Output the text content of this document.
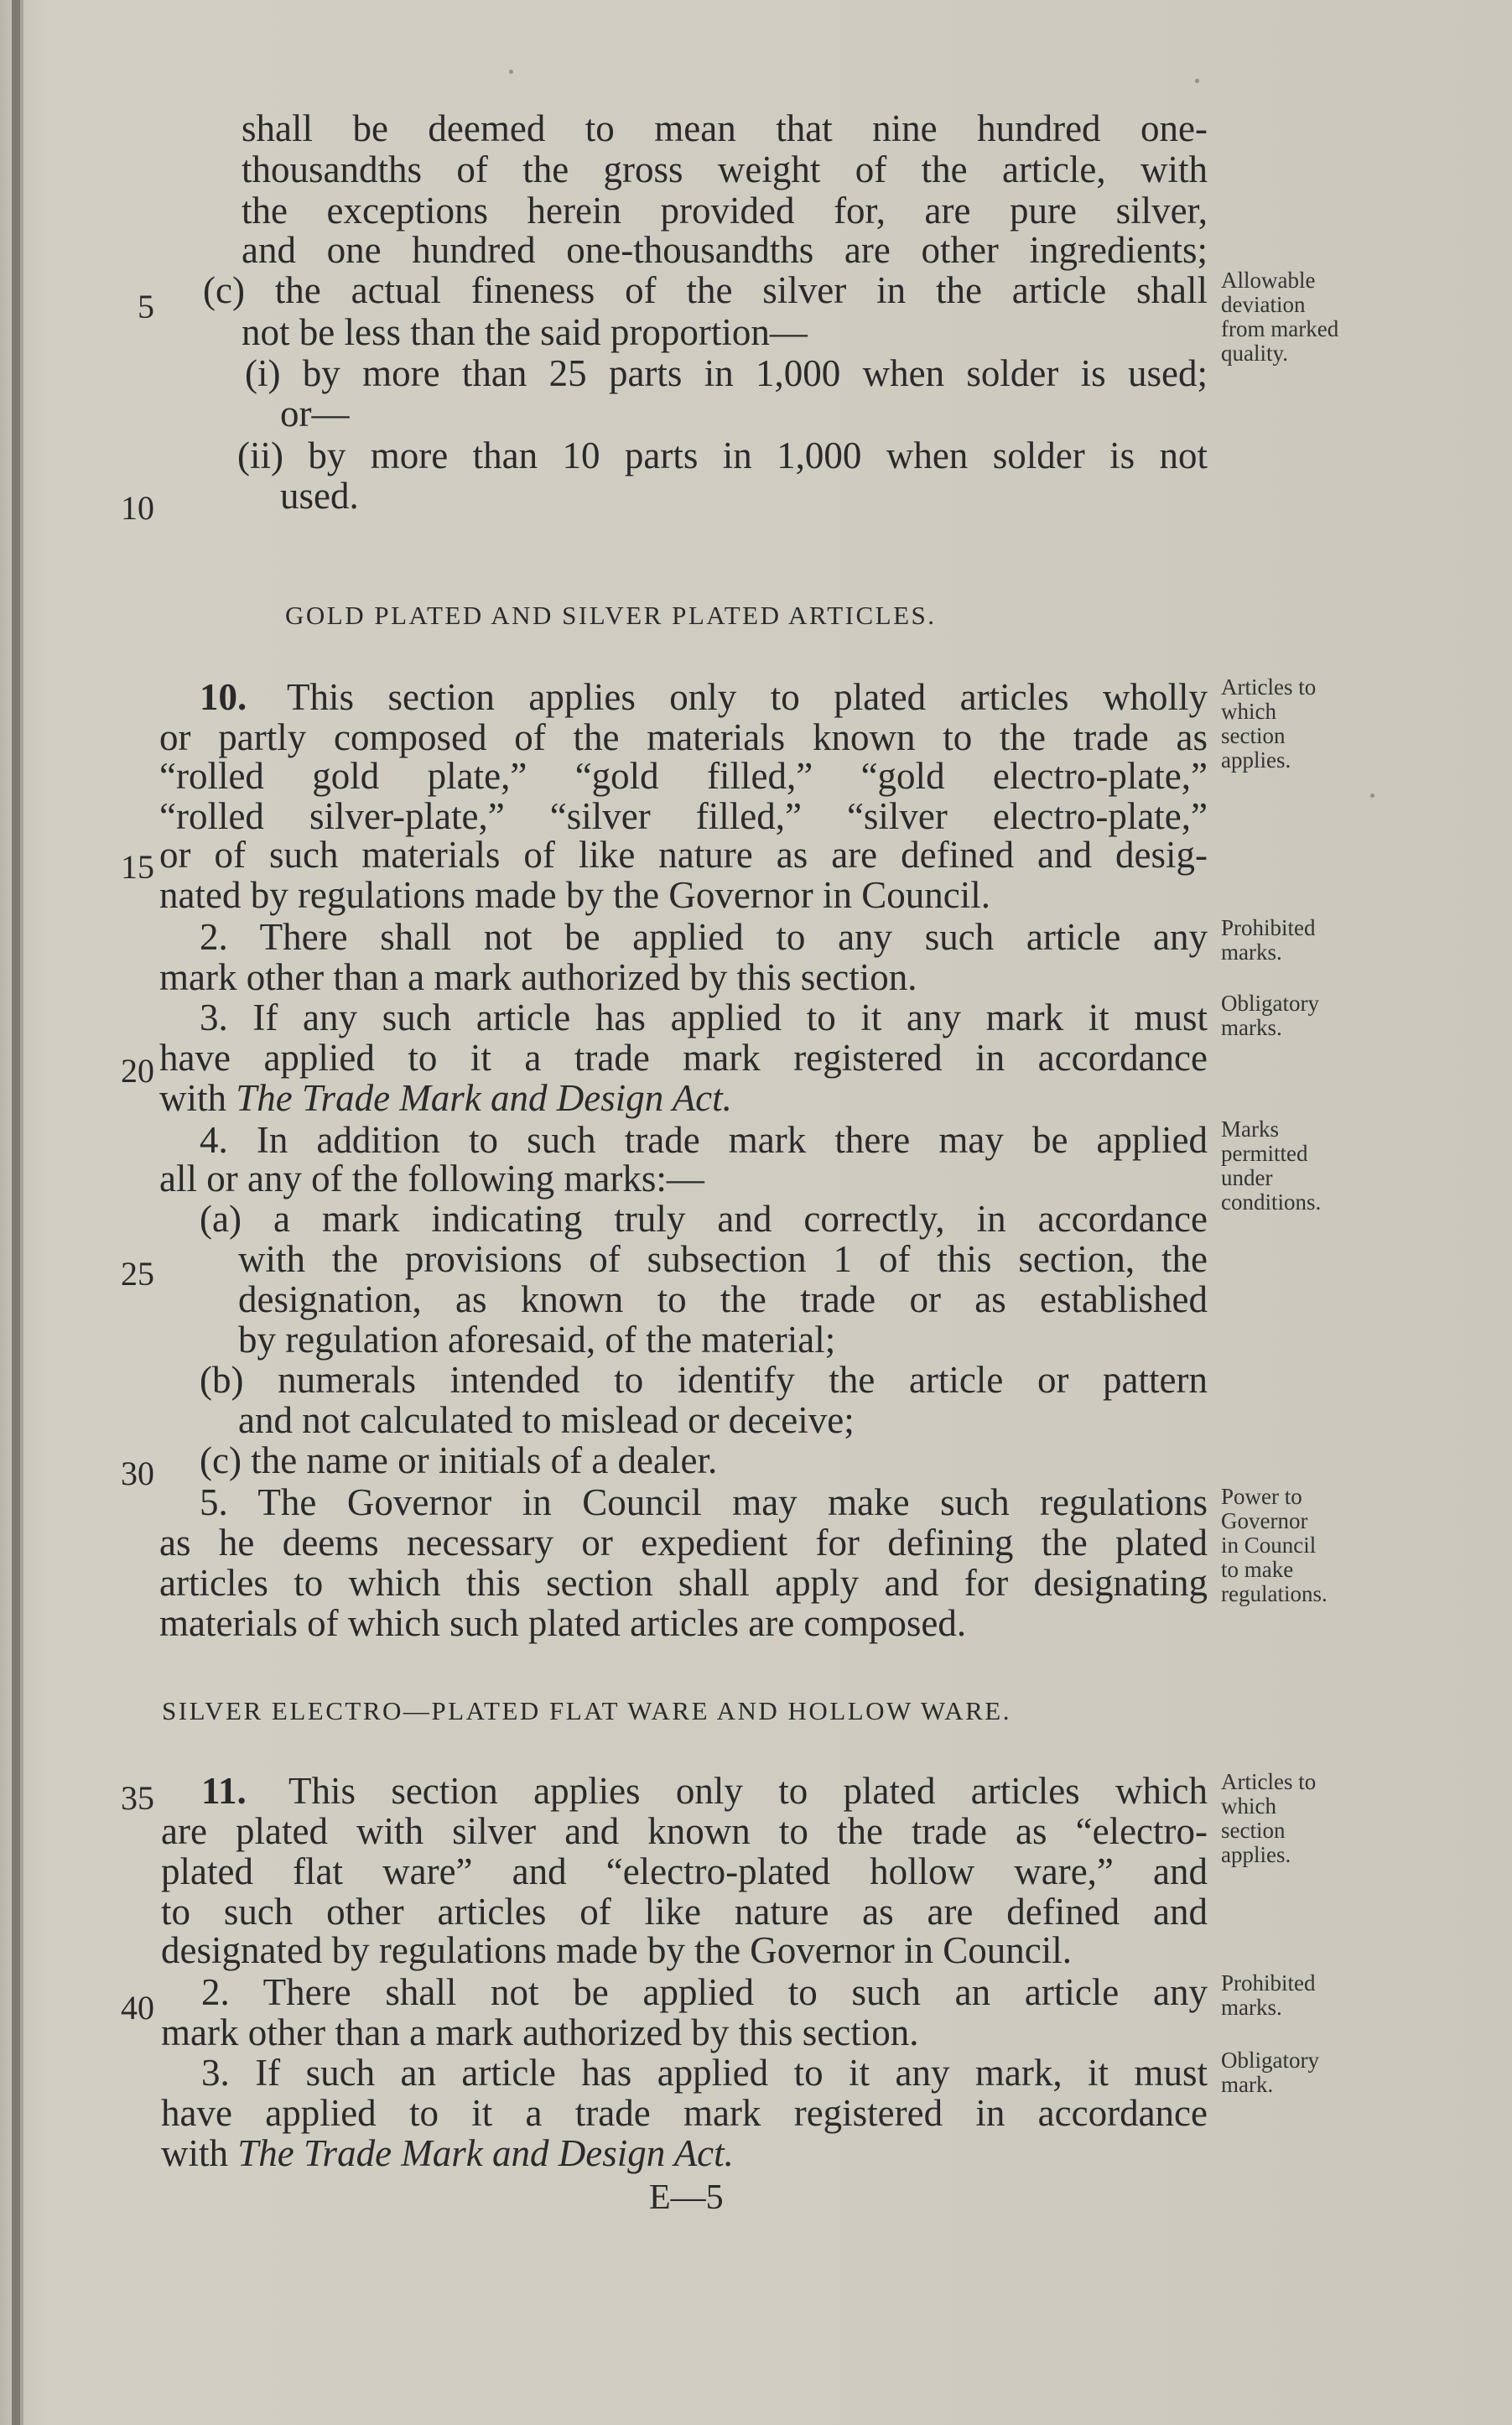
5
10
15
20
25
30
35
40
shall be deemed to mean that nine hundred one-
thousandths of the gross weight of the article, with
the exceptions herein provided for, are pure silver,
and one hundred one-thousandths are other ingredients;
(c) the actual fineness of the silver in the article shall
not be less than the said proportion—
(i) by more than 25 parts in 1,000 when solder is used;
or—
(ii) by more than 10 parts in 1,000 when solder is not
used.
Allowable
deviation
from marked
quality.
GOLD PLATED AND SILVER PLATED ARTICLES.
10. This section applies only to plated articles wholly
or partly composed of the materials known to the trade as
“rolled gold plate,” “gold filled,” “gold electro-plate,”
“rolled silver-plate,” “silver filled,” “silver electro-plate,”
or of such materials of like nature as are defined and desig-
nated by regulations made by the Governor in Council.
2. There shall not be applied to any such article any
mark other than a mark authorized by this section.
3. If any such article has applied to it any mark it must
have applied to it a trade mark registered in accordance
with The Trade Mark and Design Act.
4. In addition to such trade mark there may be applied
all or any of the following marks:—
(a) a mark indicating truly and correctly, in accordance
with the provisions of subsection 1 of this section, the
designation, as known to the trade or as established
by regulation aforesaid, of the material;
(b) numerals intended to identify the article or pattern
and not calculated to mislead or deceive;
(c) the name or initials of a dealer.
5. The Governor in Council may make such regulations
as he deems necessary or expedient for defining the plated
articles to which this section shall apply and for designating
materials of which such plated articles are composed.
Articles to
which
section
applies.
Prohibited
marks.
Obligatory
marks.
Marks
permitted
under
conditions.
Power to
Governor
in Council
to make
regulations.
SILVER ELECTRO—PLATED FLAT WARE AND HOLLOW WARE.
11. This section applies only to plated articles which
are plated with silver and known to the trade as “electro-
plated flat ware” and “electro-plated hollow ware,” and
to such other articles of like nature as are defined and
designated by regulations made by the Governor in Council.
2. There shall not be applied to such an article any
mark other than a mark authorized by this section.
3. If such an article has applied to it any mark, it must
have applied to it a trade mark registered in accordance
with The Trade Mark and Design Act.
Articles to
which
section
applies.
Prohibited
marks.
Obligatory
mark.
E—5
